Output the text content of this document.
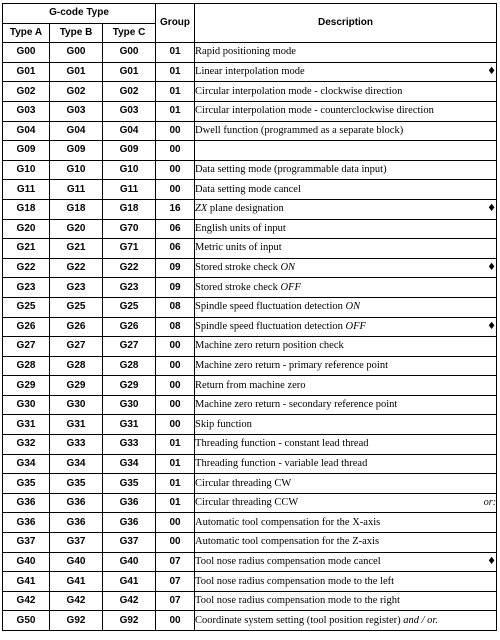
G-code Type			Group	Description
Type A	Type B	Type C		
G00	G00	G00	01	Rapid positioning mode

G01	G01	G01	01	Linear interpolation mode ♦

G02	G02	G02	01	Circular interpolation mode - clockwise direction

G03	G03	G03	01	Circular interpolation mode - counterclockwise direction

G04	G04	G04	00	Dwell function (programmed as a separate block)

G09	G09	G09	00	

G10	G10	G10	00	Data setting mode (programmable data input)

G11	G11	G11	00	Data setting mode cancel

G18	G18	G18	16	ZX plane designation ♦

G20	G20	G70	06	English units of input

G21	G21	G71	06	Metric units of input

G22	G22	G22	09	Stored stroke check ON ♦

G23	G23	G23	09	Stored stroke check OFF

G25	G25	G25	08	Spindle speed fluctuation detection ON

G26	G26	G26	08	Spindle speed fluctuation detection OFF ♦

G27	G27	G27	00	Machine zero return position check

G28	G28	G28	00	Machine zero return - primary reference point

G29	G29	G29	00	Return from machine zero

G30	G30	G30	00	Machine zero return - secondary reference point

G31	G31	G31	00	Skip function

G32	G33	G33	01	Threading function - constant lead thread

G34	G34	G34	01	Threading function - variable lead thread

G35	G35	G35	01	Circular threading CW

G36	G36	G36	01	Circular threading CCW or:

G36	G36	G36	00	Automatic tool compensation for the X-axis

G37	G37	G37	00	Automatic tool compensation for the Z-axis

G40	G40	G40	07	Tool nose radius compensation mode cancel ♦

G41	G41	G41	07	Tool nose radius compensation mode to the left

G42	G42	G42	07	Tool nose radius compensation mode to the right

G50	G92	G92	00	Coordinate system setting (tool position register) and / or.
